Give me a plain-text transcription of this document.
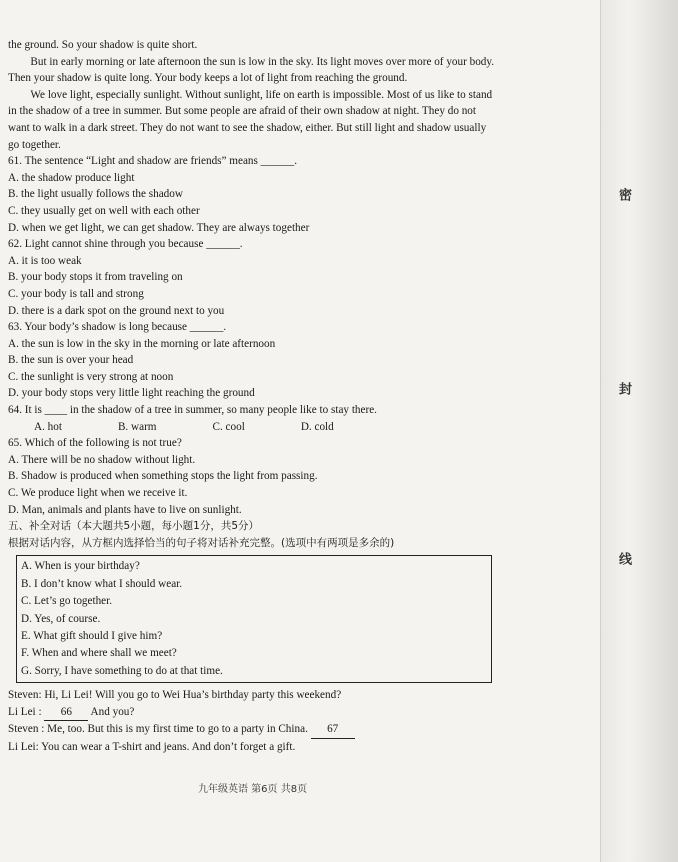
the ground. So your shadow is quite short.

But in early morning or late afternoon the sun is low in the sky. Its light moves over more of your body. Then your shadow is quite long. Your body keeps a lot of light from reaching the ground.

We love light, especially sunlight. Without sunlight, life on earth is impossible. Most of us like to stand in the shadow of a tree in summer. But some people are afraid of their own shadow at night. They do not want to walk in a dark street. They do not want to see the shadow, either. But still light and shadow usually go together.

61. The sentence “Light and shadow are friends” means ______.

A. the shadow produce light

B. the light usually follows the shadow

C. they usually get on well with each other

D. when we get light, we can get shadow. They are always together

62. Light cannot shine through you because ______.

A. it is too weak

B. your body stops it from traveling on

C. your body is tall and strong

D. there is a dark spot on the ground next to you

63. Your body’s shadow is long because ______.

A. the sun is low in the sky in the morning or late afternoon

B. the sun is over your head

C. the sunlight is very strong at noon

D. your body stops very little light reaching the ground

64. It is ____ in the shadow of a tree in summer, so many people like to stay there.

A. hot	B. warm	C. cool	D. cold

65. Which of the following is not true?

A. There will be no shadow without light.

B. Shadow is produced when something stops the light from passing.

C. We produce light when we receive it.

D. Man, animals and plants have to live on sunlight.

五、补全对话（本大题共5小题，每小题1分，共5分）

根据对话内容，从方框内选择恰当的句子将对话补充完整。(选项中有两项是多余的)

A. When is your birthday?

B. I don’t know what I should wear.

C. Let’s go together.

D. Yes, of course.

E. What gift should I give him?

F. When and where shall we meet?

G. Sorry, I have something to do at that time.

Steven: Hi, Li Lei! Will you go to Wei Hua’s birthday party this weekend?

Li Lei : 66 And you?

Steven : Me, too. But this is my first time to go to a party in China. 67

Li Lei: You can wear a T-shirt and jeans. And don’t forget a gift.

九年级英语 第6页 共8页
密
封
线
